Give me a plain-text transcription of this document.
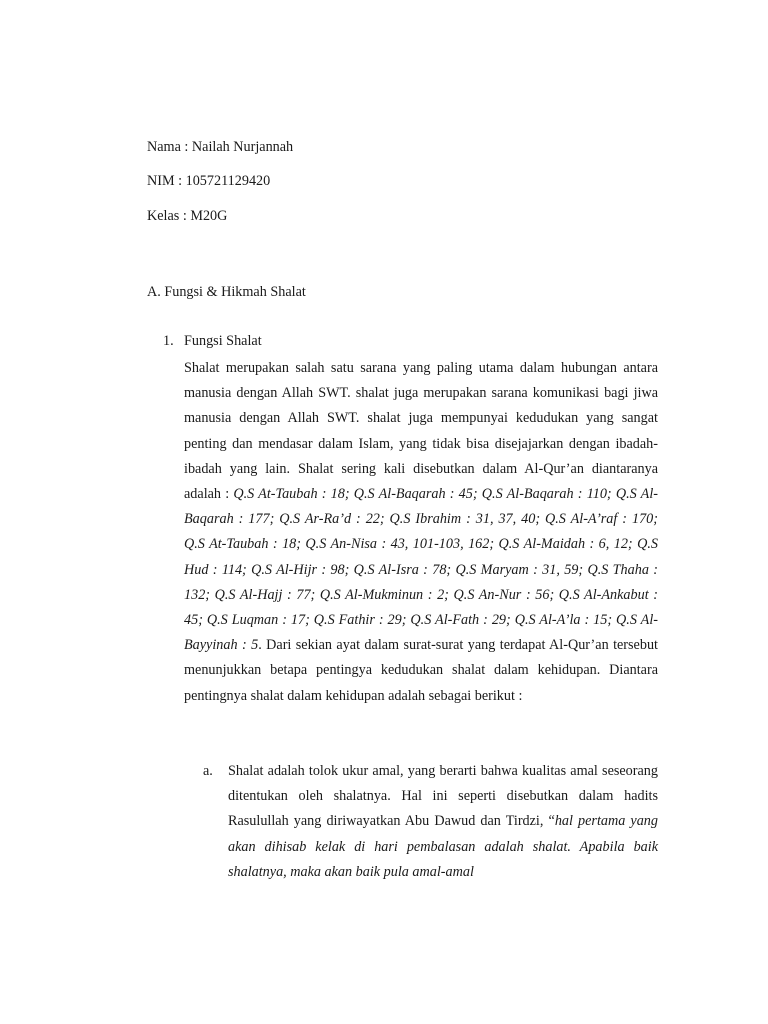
Nama : Nailah Nurjannah
NIM : 105721129420
Kelas : M20G
A. Fungsi & Hikmah Shalat
1. Fungsi Shalat

Shalat merupakan salah satu sarana yang paling utama dalam hubungan antara manusia dengan Allah SWT. shalat juga merupakan sarana komunikasi bagi jiwa manusia dengan Allah SWT. shalat juga mempunyai kedudukan yang sangat penting dan mendasar dalam Islam, yang tidak bisa disejajarkan dengan ibadah-ibadah yang lain. Shalat sering kali disebutkan dalam Al-Qur’an diantaranya adalah : Q.S At-Taubah : 18; Q.S Al-Baqarah : 45; Q.S Al-Baqarah : 110; Q.S Al-Baqarah : 177; Q.S Ar-Ra’d : 22; Q.S Ibrahim : 31, 37, 40; Q.S Al-A’raf : 170; Q.S At-Taubah : 18; Q.S An-Nisa : 43, 101-103, 162; Q.S Al-Maidah : 6, 12; Q.S Hud : 114; Q.S Al-Hijr : 98; Q.S Al-Isra : 78; Q.S Maryam : 31, 59; Q.S Thaha : 132; Q.S Al-Hajj : 77; Q.S Al-Mukminun : 2; Q.S An-Nur : 56; Q.S Al-Ankabut : 45; Q.S Luqman : 17; Q.S Fathir : 29; Q.S Al-Fath : 29; Q.S Al-A’la : 15; Q.S Al-Bayyinah : 5. Dari sekian ayat dalam surat-surat yang terdapat Al-Qur’an tersebut menunjukkan betapa pentingya kedudukan shalat dalam kehidupan. Diantara pentingnya shalat dalam kehidupan adalah sebagai berikut :

a. Shalat adalah tolok ukur amal, yang berarti bahwa kualitas amal seseorang ditentukan oleh shalatnya. Hal ini seperti disebutkan dalam hadits Rasulullah yang diriwayatkan Abu Dawud dan Tirdzi, “hal pertama yang akan dihisab kelak di hari pembalasan adalah shalat. Apabila baik shalatnya, maka akan baik pula amal-amal
